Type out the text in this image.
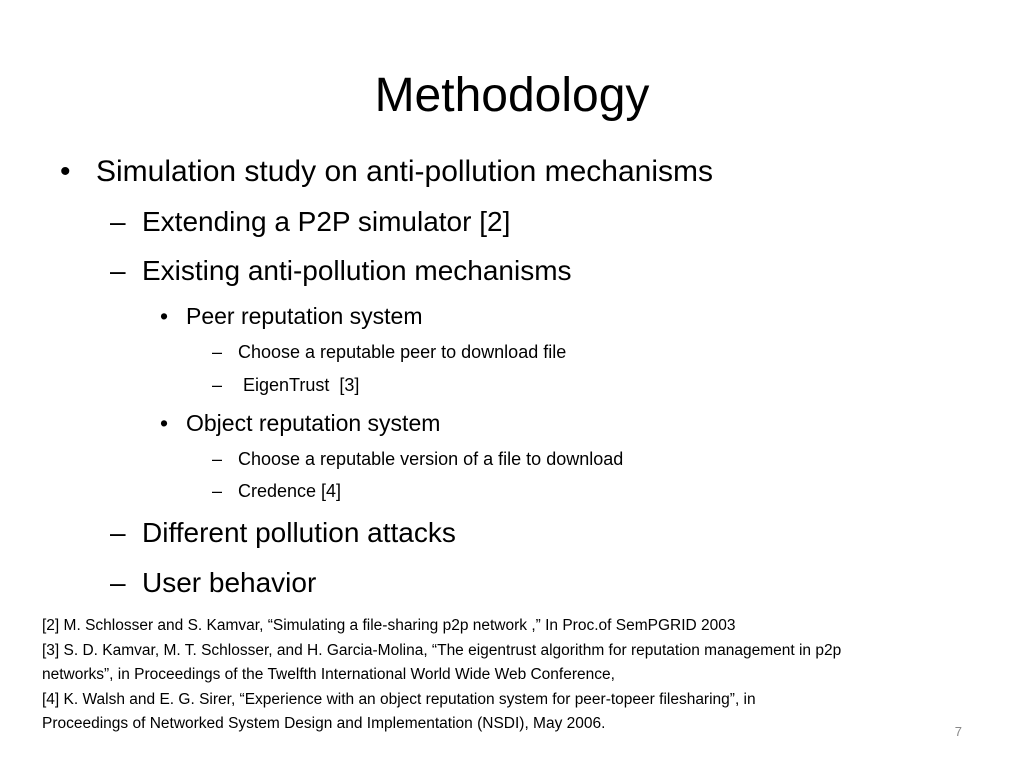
Methodology
• Simulation study on anti-pollution mechanisms
– Extending a P2P simulator [2]
– Existing anti-pollution mechanisms
• Peer reputation system
– Choose a reputable peer to download file
– EigenTrust  [3]
• Object reputation system
– Choose a reputable version of a file to download
– Credence [4]
– Different pollution attacks
– User behavior
[2] M. Schlosser and S. Kamvar, “Simulating a file-sharing p2p network ,” In Proc.of SemPGRID 2003
[3] S. D. Kamvar, M. T. Schlosser, and H. Garcia-Molina, “The eigentrust algorithm for reputation management in p2p
networks”, in Proceedings of the Twelfth International World Wide Web Conference,
[4] K. Walsh and E. G. Sirer, “Experience with an object reputation system for peer-topeer filesharing”, in
Proceedings of Networked System Design and Implementation (NSDI), May 2006.	7
